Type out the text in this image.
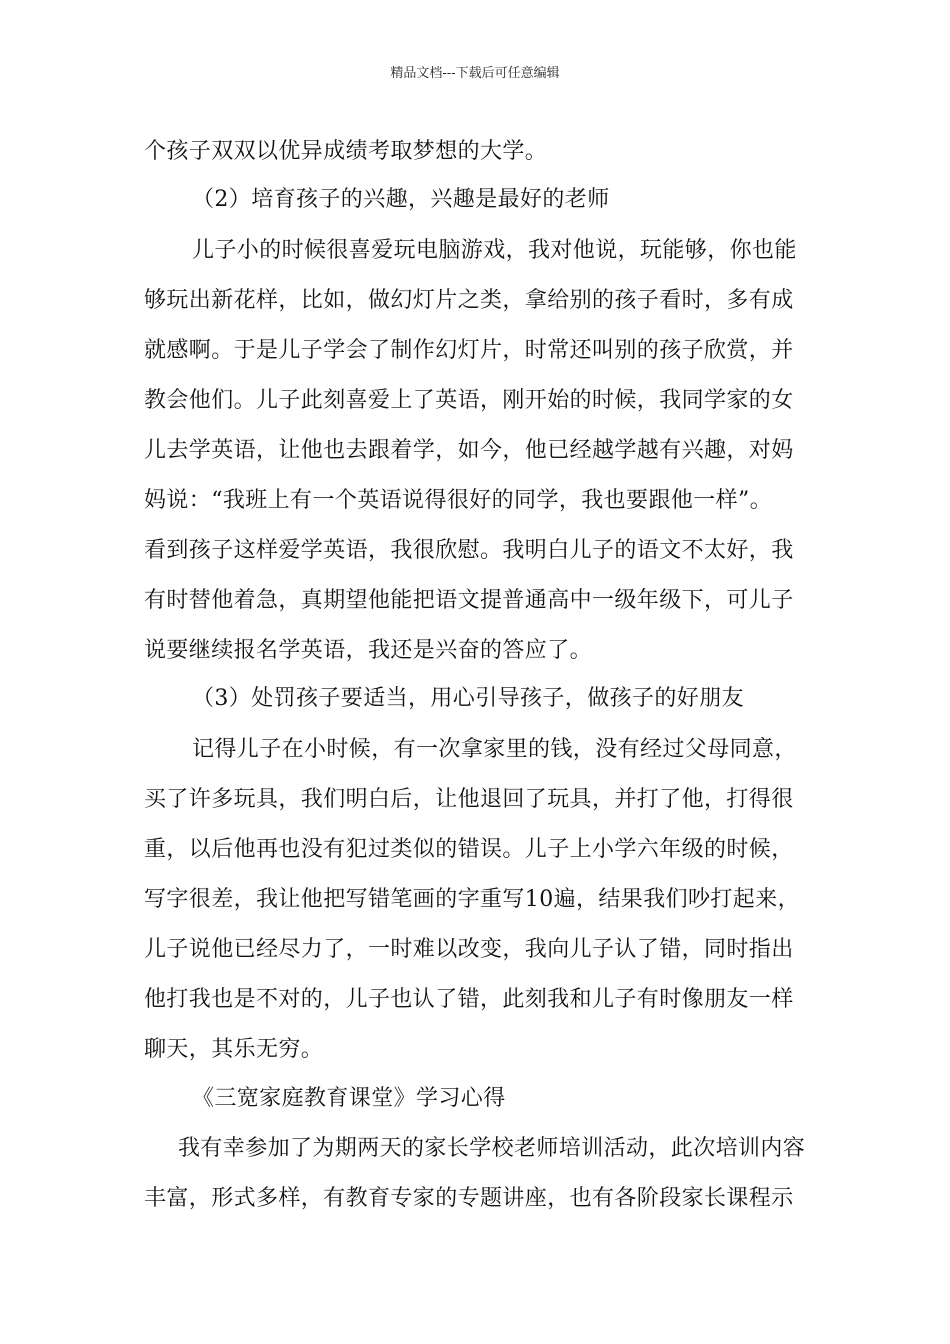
精品文档---下载后可任意编辑
个孩子双双以优异成绩考取梦想的大学。
（2）培育孩子的兴趣，兴趣是最好的老师
儿子小的时候很喜爱玩电脑游戏，我对他说，玩能够，你也能
够玩出新花样，比如，做幻灯片之类，拿给别的孩子看时，多有成
就感啊。于是儿子学会了制作幻灯片，时常还叫别的孩子欣赏，并
教会他们。儿子此刻喜爱上了英语，刚开始的时候，我同学家的女
儿去学英语，让他也去跟着学，如今，他已经越学越有兴趣，对妈
妈说：“我班上有一个英语说得很好的同学，我也要跟他一样”。
看到孩子这样爱学英语，我很欣慰。我明白儿子的语文不太好，我
有时替他着急，真期望他能把语文提普通高中一级年级下，可儿子
说要继续报名学英语，我还是兴奋的答应了。
（3）处罚孩子要适当，用心引导孩子，做孩子的好朋友
记得儿子在小时候，有一次拿家里的钱，没有经过父母同意，
买了许多玩具，我们明白后，让他退回了玩具，并打了他，打得很
重，以后他再也没有犯过类似的错误。儿子上小学六年级的时候，
写字很差，我让他把写错笔画的字重写10遍，结果我们吵打起来，
儿子说他已经尽力了，一时难以改变，我向儿子认了错，同时指出
他打我也是不对的，儿子也认了错，此刻我和儿子有时像朋友一样
聊天，其乐无穷。
《三宽家庭教育课堂》学习心得
我有幸参加了为期两天的家长学校老师培训活动，此次培训内容
丰富，形式多样，有教育专家的专题讲座，也有各阶段家长课程示
